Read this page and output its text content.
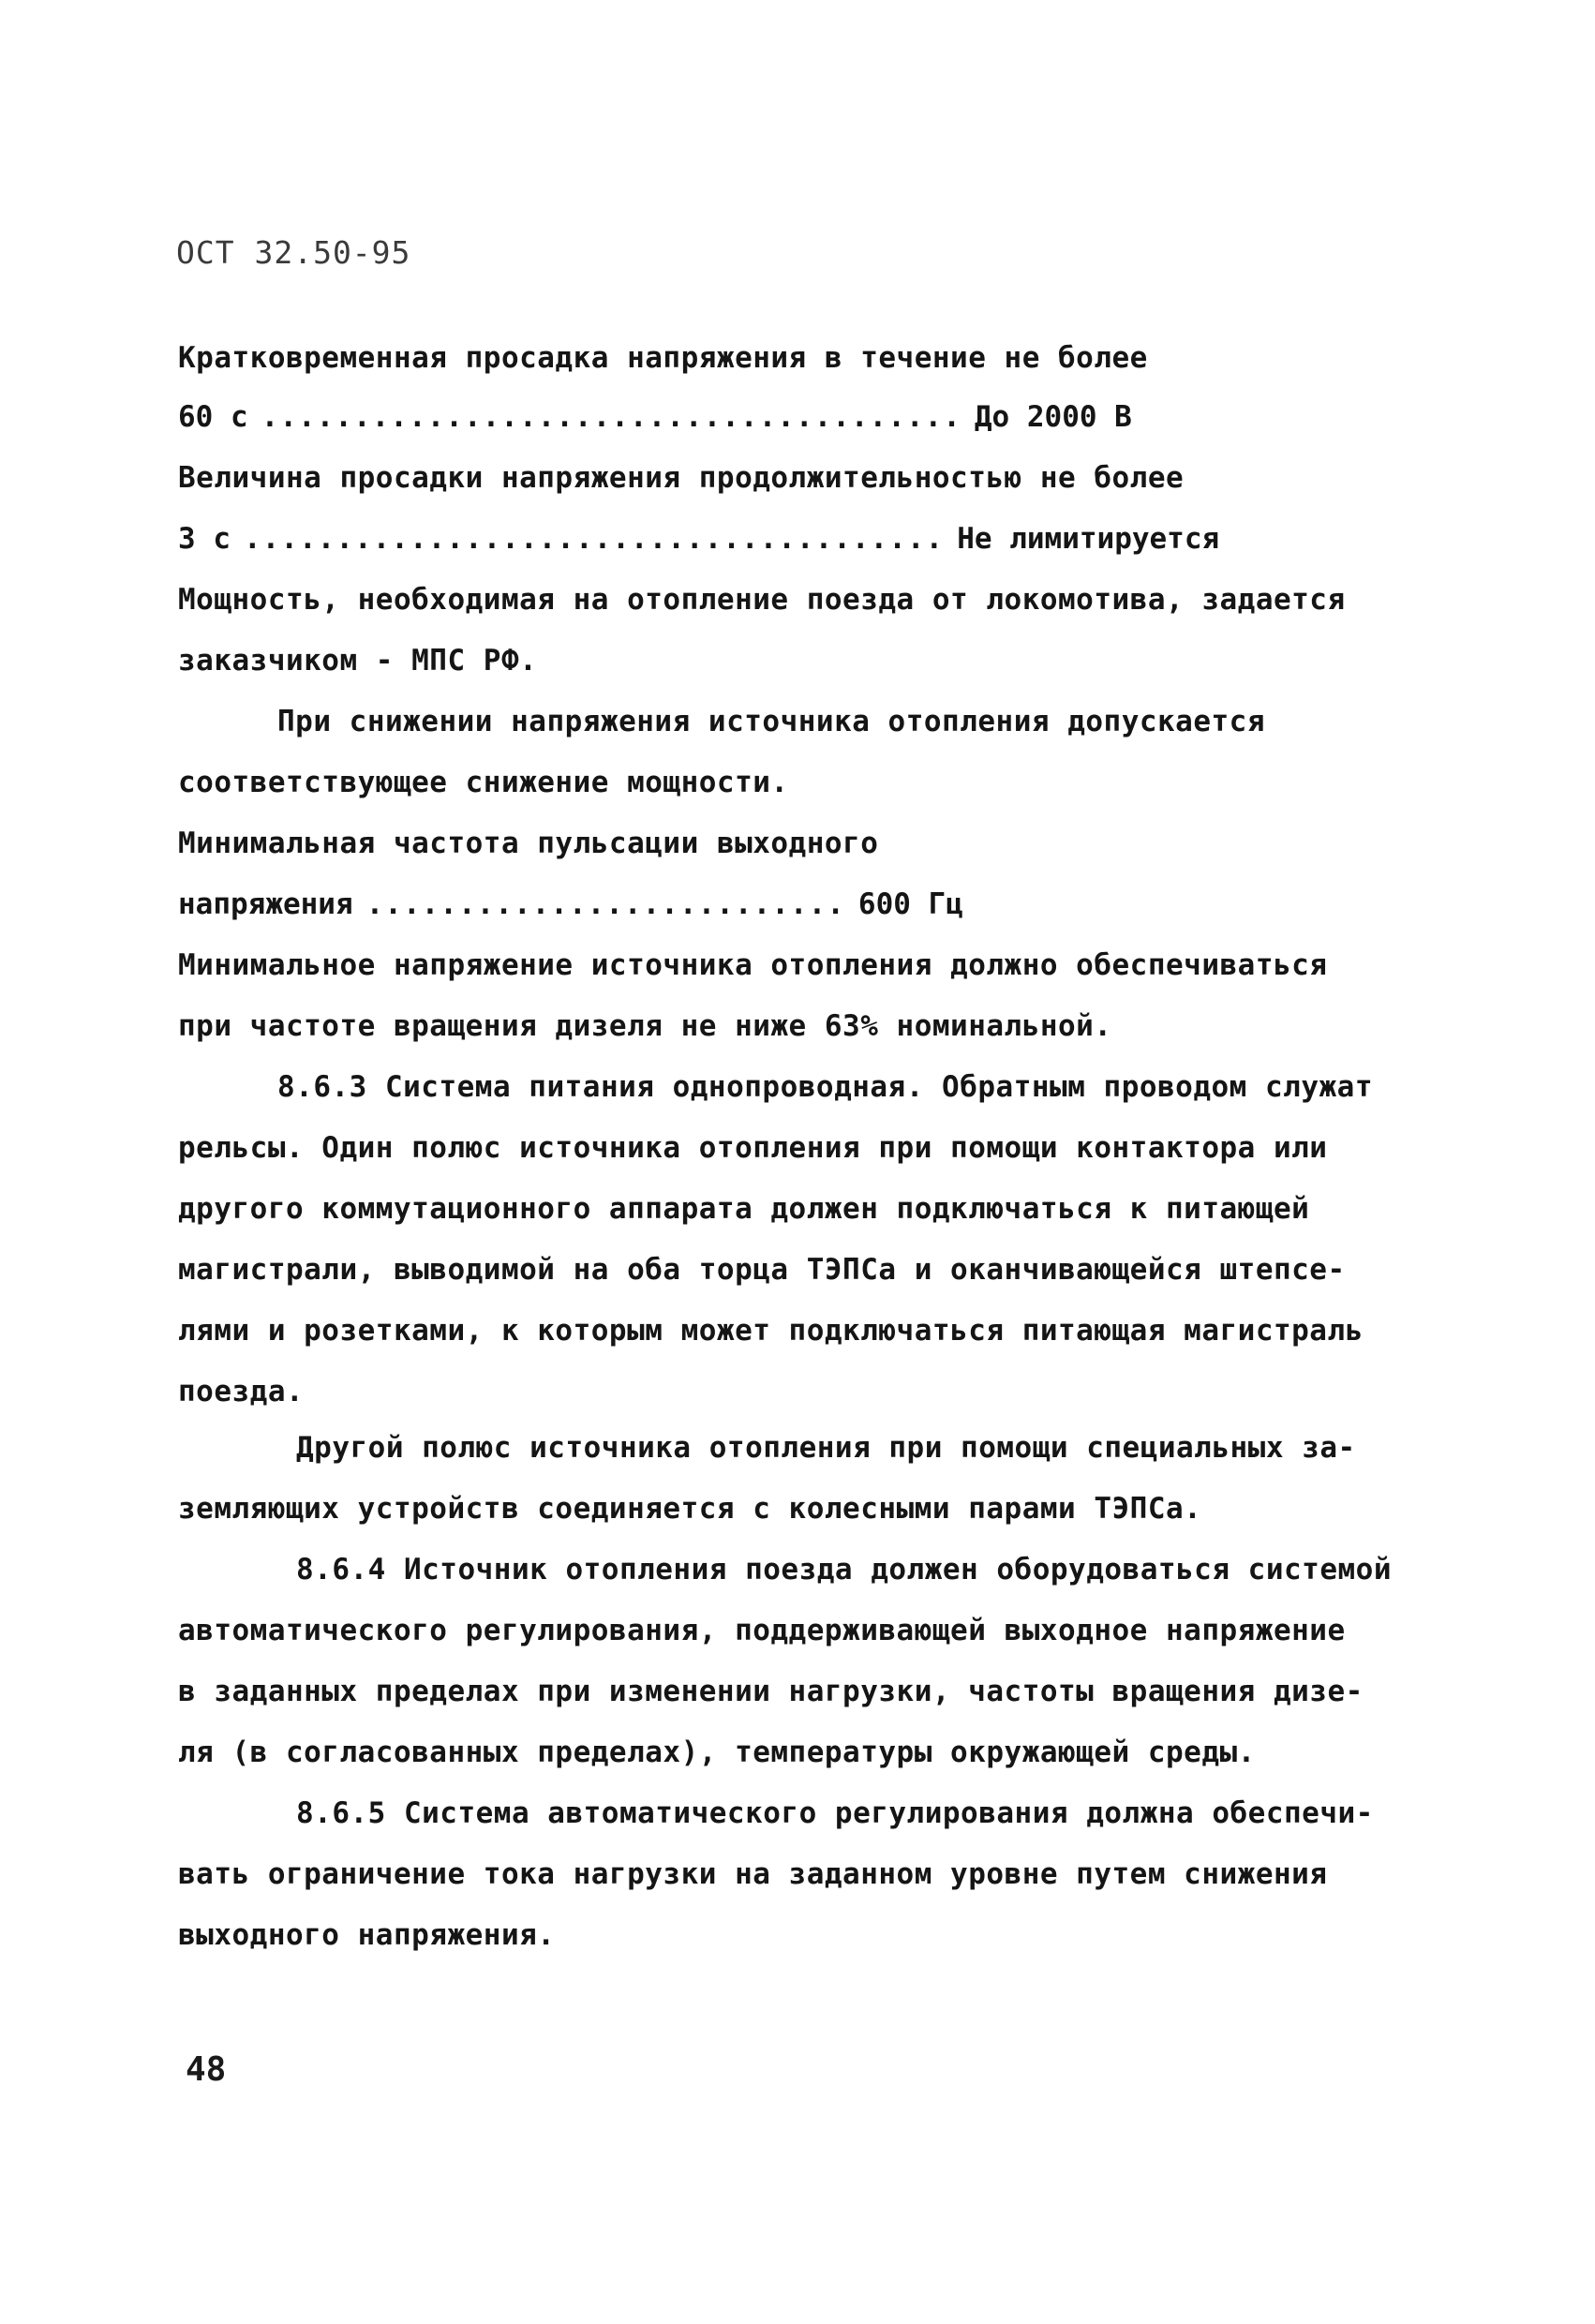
ОСТ 32.50-95
Кратковременная просадка напряжения в течение не более
60 с ...................................... До 2000 В
Величина просадки напряжения продолжительностью не более
3 с ...................................... Не лимитируется
Мощность, необходимая на отопление поезда от локомотива, задается
заказчиком - МПС РФ.
При снижении напряжения источника отопления допускается
соответствующее снижение мощности.
Минимальная частота пульсации выходного
напряжения .......................... 600 Гц
Минимальное напряжение источника отопления должно обеспечиваться
при частоте вращения дизеля не ниже 63% номинальной.
8.6.3 Система питания однопроводная. Обратным проводом служат
рельсы. Один полюс источника отопления при помощи контактора или
другого коммутационного аппарата должен подключаться к питающей
магистрали, выводимой на оба торца ТЭПСа и оканчивающейся штепсе-
лями и розетками, к которым может подключаться питающая магистраль
поезда.
Другой полюс источника отопления при помощи специальных за-
земляющих устройств соединяется с колесными парами ТЭПСа.
8.6.4 Источник отопления поезда должен оборудоваться системой
автоматического регулирования, поддерживающей выходное напряжение
в заданных пределах при изменении нагрузки, частоты вращения дизе-
ля (в согласованных пределах), температуры окружающей среды.
8.6.5 Система автоматического регулирования должна обеспечи-
вать ограничение тока нагрузки на заданном уровне путем снижения
выходного напряжения.
48
